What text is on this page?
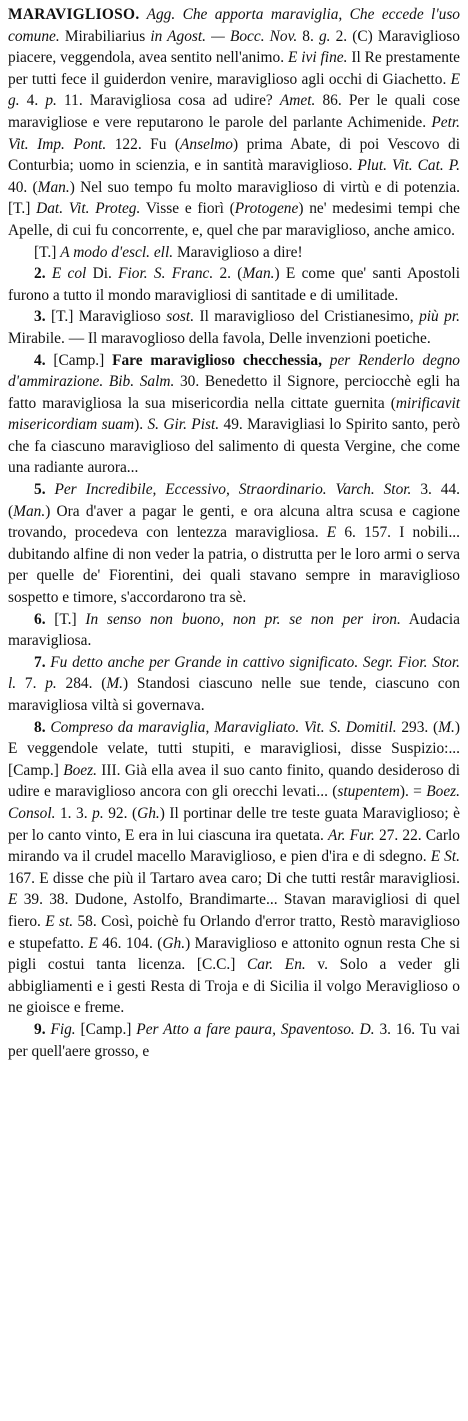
MARAVIGLIOSO. Agg. Che apporta maraviglia, Che eccede l'uso comune. Mirabiliarius in Agost. — Bocc. Nov. 8. g. 2. (C) Maraviglioso piacere, veggendola, avea sentito nell'animo. E ivi fine. Il Re prestamente per tutti fece il guiderdon venire, maraviglioso agli occhi di Giachetto. E g. 4. p. 11. Maravigliosa cosa ad udire? Amet. 86. Per le quali cose maravigliose e vere reputarono le parole del parlante Achimenide. Petr. Vit. Imp. Pont. 122. Fu (Anselmo) prima Abate, di poi Vescovo di Conturbia; uomo in scienzia, e in santità maraviglioso. Plut. Vit. Cat. P. 40. (Man.) Nel suo tempo fu molto maraviglioso di virtù e di potenzia. [T.] Dat. Vit. Proteg. Visse e fiorì (Protogene) ne' medesimi tempi che Apelle, di cui fu concorrente, e, quel che par maraviglioso, anche amico.

[T.] A modo d'escl. ell. Maraviglioso a dire!

2. E col Di. Fior. S. Franc. 2. (Man.) E come que' santi Apostoli furono a tutto il mondo maravigliosi di santitade e di umilitade.

3. [T.] Maraviglioso sost. Il maraviglioso del Cristianesimo, più pr. Mirabile. — Il maravoglioso della favola, Delle invenzioni poetiche.

4. [Camp.] Fare maraviglioso checchessia, per Renderlo degno d'ammirazione. Bib. Salm. 30. Benedetto il Signore, perciocchè egli ha fatto maravigliosa la sua misericordia nella cittate guernita (mirificavit misericordiam suam). S. Gir. Pist. 49. Maravigliasi lo Spirito santo, però che fa ciascuno maraviglioso del salimento di questa Vergine, che come una radiante aurora...

5. Per Incredibile, Eccessivo, Straordinario. Varch. Stor. 3. 44. (Man.) Ora d'aver a pagar le genti, e ora alcuna altra scusa e cagione trovando, procedeva con lentezza maravigliosa. E 6. 157. I nobili... dubitando alfine di non veder la patria, o distrutta per le loro armi o serva per quelle de' Fiorentini, dei quali stavano sempre in maraviglioso sospetto e timore, s'accordarono tra sè.

6. [T.] In senso non buono, non pr. se non per iron. Audacia maravigliosa.

7. Fu detto anche per Grande in cattivo significato. Segr. Fior. Stor. l. 7. p. 284. (M.) Standosi ciascuno nelle sue tende, ciascuno con maravigliosa viltà si governava.

8. Compreso da maraviglia, Maravigliato. Vit. S. Domitil. 293. (M.) E veggendole velate, tutti stupiti, e maravigliosi, disse Suspizio:... [Camp.] Boez. III. Già ella avea il suo canto finito, quando desideroso di udire e maraviglioso ancora con gli orecchi levati... (stupentem). = Boez. Consol. 1. 3. p. 92. (Gh.) Il portinar delle tre teste guata Maraviglioso; è per lo canto vinto, E era in lui ciascuna ira quetata. Ar. Fur. 27. 22. Carlo mirando va il crudel macello Maraviglioso, e pien d'ira e di sdegno. E St. 167. E disse che più il Tartaro avea caro; Di che tutti restâr maravigliosi. E 39. 38. Dudone, Astolfo, Brandimarte... Stavan maravigliosi di quel fiero. E st. 58. Così, poichè fu Orlando d'error tratto, Restò maraviglioso e stupefatto. E 46. 104. (Gh.) Maraviglioso e attonito ognun resta Che si pigli costui tanta licenza. [C.C.] Car. En. v. Solo a veder gli abbigliamenti e i gesti Resta di Troja e di Sicilia il volgo Meraviglioso o ne gioisce e freme.

9. Fig. [Camp.] Per Atto a fare paura, Spaventoso. D. 3. 16. Tu vai per quell'aere grosso, e
